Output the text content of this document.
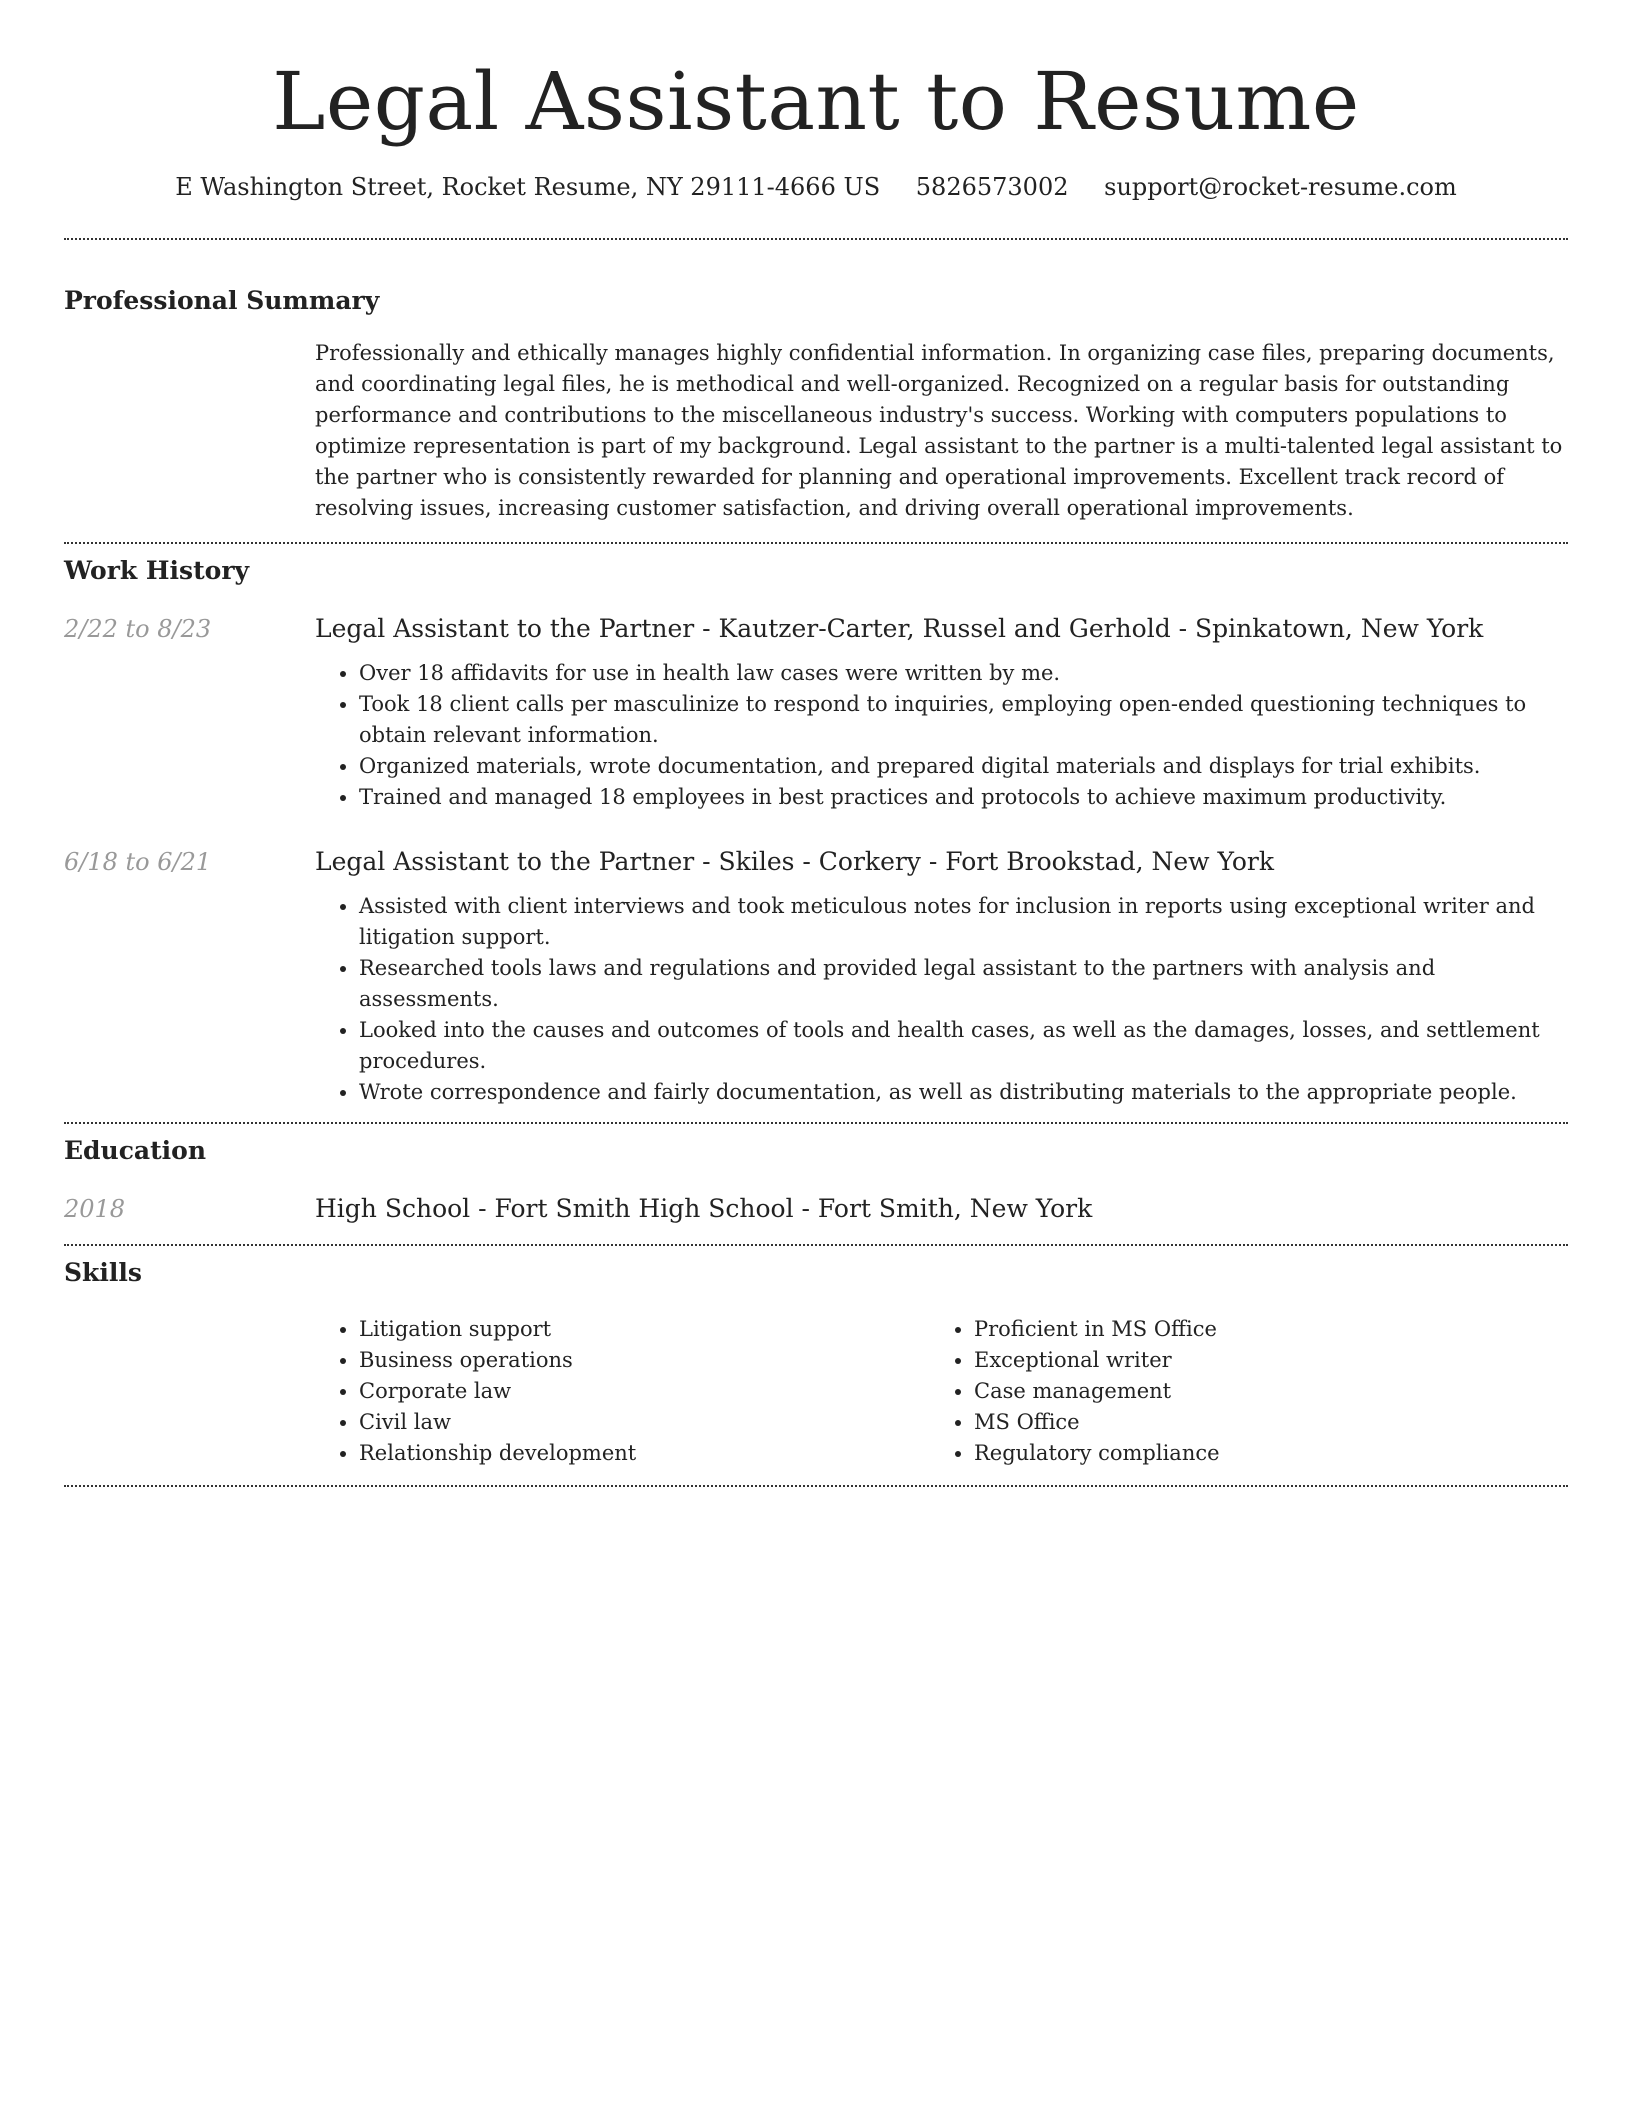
Legal Assistant to Resume
E Washington Street, Rocket Resume, NY 29111-4666 US 5826573002 support@rocket-resume.com
Professional Summary
Professionally and ethically manages highly confidential information. In organizing case files, preparing documents, and coordinating legal files, he is methodical and well-organized. Recognized on a regular basis for outstanding performance and contributions to the miscellaneous industry's success. Working with computers populations to optimize representation is part of my background. Legal assistant to the partner is a multi-talented legal assistant to the partner who is consistently rewarded for planning and operational improvements. Excellent track record of resolving issues, increasing customer satisfaction, and driving overall operational improvements.
Work History
2/22 to 8/23	Legal Assistant to the Partner - Kautzer-Carter, Russel and Gerhold - Spinkatown, New York
• Over 18 affidavits for use in health law cases were written by me.
• Took 18 client calls per masculinize to respond to inquiries, employing open-ended questioning techniques to obtain relevant information.
• Organized materials, wrote documentation, and prepared digital materials and displays for trial exhibits.
• Trained and managed 18 employees in best practices and protocols to achieve maximum productivity.
6/18 to 6/21	Legal Assistant to the Partner - Skiles - Corkery - Fort Brookstad, New York
• Assisted with client interviews and took meticulous notes for inclusion in reports using exceptional writer and litigation support.
• Researched tools laws and regulations and provided legal assistant to the partners with analysis and assessments.
• Looked into the causes and outcomes of tools and health cases, as well as the damages, losses, and settlement procedures.
• Wrote correspondence and fairly documentation, as well as distributing materials to the appropriate people.
Education
2018	High School - Fort Smith High School - Fort Smith, New York
Skills
• Litigation support
• Business operations
• Corporate law
• Civil law
• Relationship development
• Proficient in MS Office
• Exceptional writer
• Case management
• MS Office
• Regulatory compliance
